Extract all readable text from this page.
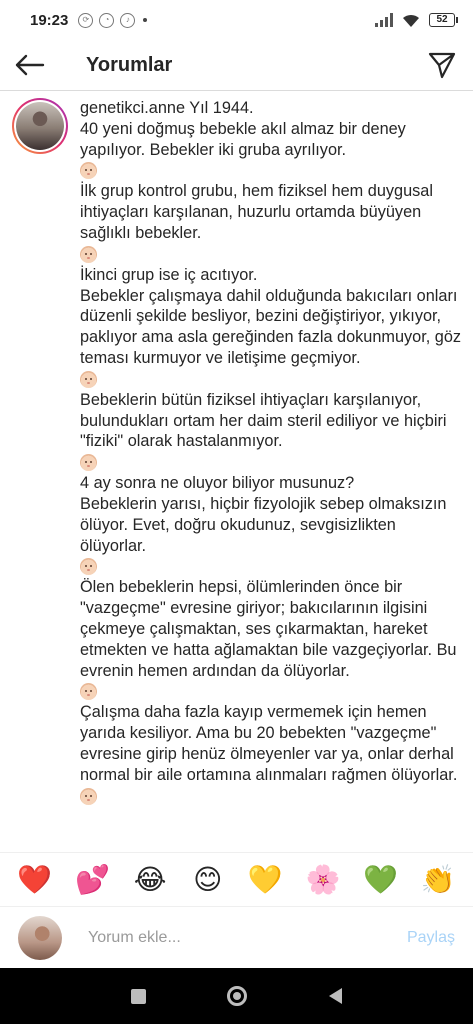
19:23	⟳	◔	♪	52
Yorumlar

genetikci.anne Yıl 1944.

40 yeni doğmuş bebekle akıl almaz bir deney yapılıyor. Bebekler iki gruba ayrılıyor.

İlk grup kontrol grubu, hem fiziksel hem duygusal ihtiyaçları karşılanan, huzurlu ortamda büyüyen sağlıklı bebekler.

İkinci grup ise iç acıtıyor.

Bebekler çalışmaya dahil olduğunda bakıcıları onları düzenli şekilde besliyor, bezini değiştiriyor, yıkıyor, paklıyor ama asla gereğinden fazla dokunmuyor, göz teması kurmuyor ve iletişime geçmiyor.

Bebeklerin bütün fiziksel ihtiyaçları karşılanıyor, bulundukları ortam her daim steril ediliyor ve hiçbiri "fiziki" olarak hastalanmıyor.

4 ay sonra ne oluyor biliyor musunuz?

Bebeklerin yarısı, hiçbir fizyolojik sebep olmaksızın ölüyor. Evet, doğru okudunuz, sevgisizlikten ölüyorlar.

Ölen bebeklerin hepsi, ölümlerinden önce bir "vazgeçme" evresine giriyor; bakıcılarının ilgisini çekmeye çalışmaktan, ses çıkarmaktan, hareket etmekten ve hatta ağlamaktan bile vazgeçiyorlar. Bu evrenin hemen ardından da ölüyorlar.

Çalışma daha fazla kayıp vermemek için hemen yarıda kesiliyor. Ama bu 20 bebekten "vazgeçme" evresine girip henüz ölmeyenler var ya, onlar derhal normal bir aile ortamına alınmaları rağmen ölüyorlar.

❤️ 💕 😂 😊 💛 🌸 💚 👏
Yorum ekle...
Paylaş
